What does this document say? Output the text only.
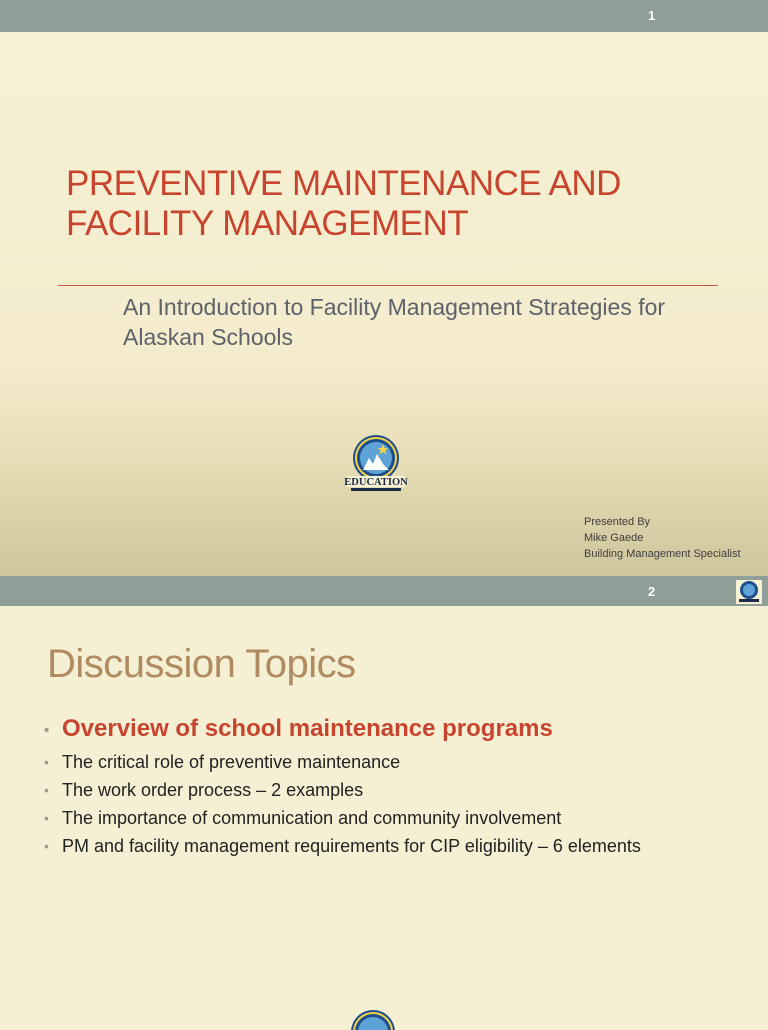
1
PREVENTIVE MAINTENANCE AND FACILITY MANAGEMENT

An Introduction to Facility Management Strategies for Alaskan Schools

EDUCATION
Presented By
Mike Gaede
Building Management Specialist
2
Discussion Topics
• Overview of school maintenance programs
• The critical role of preventive maintenance
• The work order process – 2 examples
• The importance of communication and community involvement
• PM and facility management requirements for CIP eligibility – 6 elements
